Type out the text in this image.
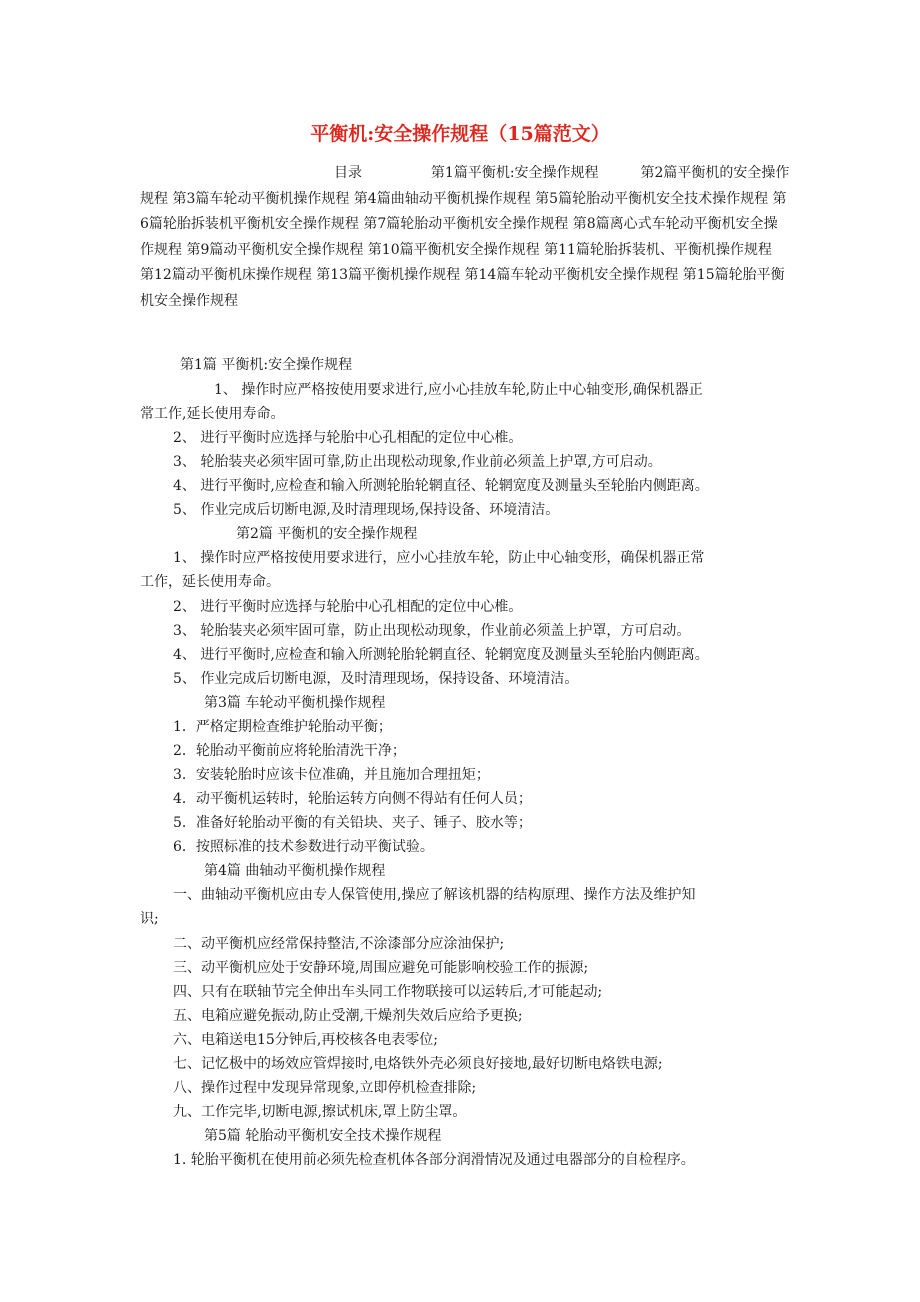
平衡机:安全操作规程（15篇范文）
目录	第1篇平衡机:安全操作规程　　　第2篇平衡机的安全操作规程 第3篇车轮动平衡机操作规程 第4篇曲轴动平衡机操作规程 第5篇轮胎动平衡机安全技术操作规程 第6篇轮胎拆装机平衡机安全操作规程 第7篇轮胎动平衡机安全操作规程 第8篇离心式车轮动平衡机安全操作规程 第9篇动平衡机安全操作规程 第10篇平衡机安全操作规程 第11篇轮胎拆装机、平衡机操作规程 第12篇动平衡机床操作规程 第13篇平衡机操作规程 第14篇车轮动平衡机安全操作规程 第15篇轮胎平衡机安全操作规程
第1篇 平衡机:安全操作规程
1、 操作时应严格按使用要求进行,应小心挂放车轮,防止中心轴变形,确保机器正
常工作,延长使用寿命。
2、 进行平衡时应选择与轮胎中心孔相配的定位中心椎。
3、 轮胎装夹必须牢固可靠,防止出现松动现象,作业前必须盖上护罩,方可启动。
4、 进行平衡时,应检查和输入所测轮胎轮辋直径、轮辋宽度及测量头至轮胎内侧距离。
5、 作业完成后切断电源,及时清理现场,保持设备、环境清洁。
第2篇 平衡机的安全操作规程
1、 操作时应严格按使用要求进行，应小心挂放车轮，防止中心轴变形，确保机器正常
工作，延长使用寿命。
2、 进行平衡时应选择与轮胎中心孔相配的定位中心椎。
3、 轮胎装夹必须牢固可靠，防止出现松动现象，作业前必须盖上护罩，方可启动。
4、 进行平衡时,应检查和输入所测轮胎轮辋直径、轮辋宽度及测量头至轮胎内侧距离。
5、 作业完成后切断电源，及时清理现场，保持设备、环境清洁。
第3篇 车轮动平衡机操作规程
1．严格定期检查维护轮胎动平衡；
2．轮胎动平衡前应将轮胎清洗干净；
3．安装轮胎时应该卡位准确，并且施加合理扭矩；
4．动平衡机运转时，轮胎运转方向侧不得站有任何人员；
5．准备好轮胎动平衡的有关铅块、夹子、锤子、胶水等；
6．按照标准的技术参数进行动平衡试验。
第4篇 曲轴动平衡机操作规程
一、曲轴动平衡机应由专人保管使用,操应了解该机器的结构原理、操作方法及维护知
识;
二、动平衡机应经常保持整洁,不涂漆部分应涂油保护;
三、动平衡机应处于安静环境,周围应避免可能影响校验工作的振源;
四、只有在联轴节完全伸出车头同工作物联接可以运转后,才可能起动;
五、电箱应避免振动,防止受潮,干燥剂失效后应给予更换;
六、电箱送电15分钟后,再校核各电表零位;
七、记忆极中的场效应管焊接时,电烙铁外壳必须良好接地,最好切断电烙铁电源;
八、操作过程中发现异常现象,立即停机检查排除;
九、工作完毕,切断电源,擦试机床,罩上防尘罩。
第5篇 轮胎动平衡机安全技术操作规程
1. 轮胎平衡机在使用前必须先检查机体各部分润滑情况及通过电器部分的自检程序。
